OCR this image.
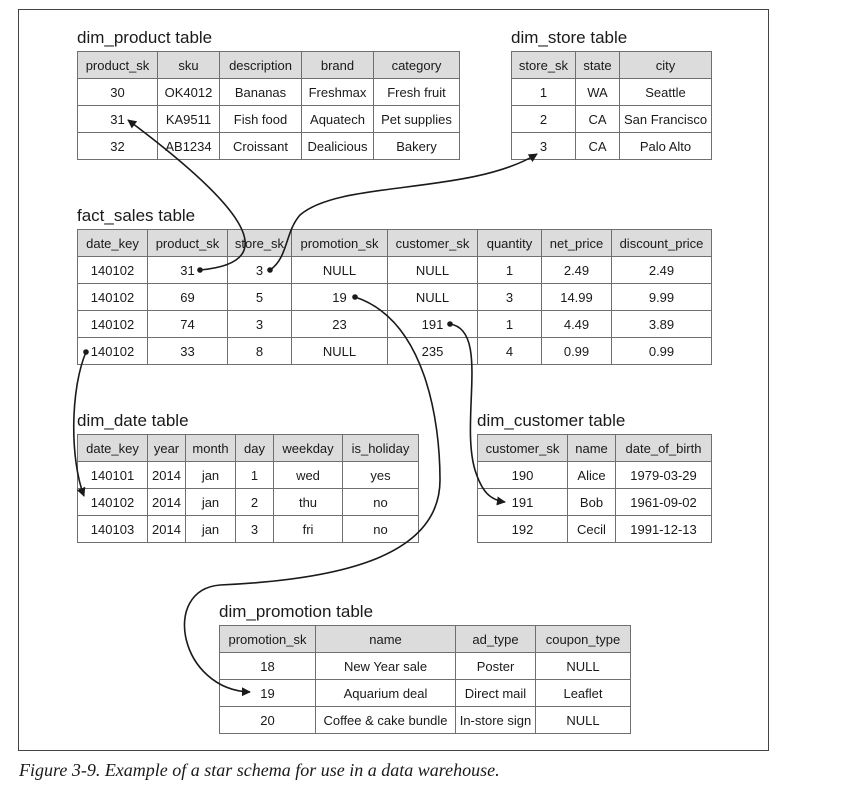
dim_product table
product_sk	sku	description	brand	category
30	OK4012	Bananas	Freshmax	Fresh fruit
31	KA9511	Fish food	Aquatech	Pet supplies
32	AB1234	Croissant	Dealicious	Bakery
dim_store table
store_sk	state	city
1	WA	Seattle
2	CA	San Francisco
3	CA	Palo Alto
fact_sales table
date_key	product_sk	store_sk	promotion_sk	customer_sk	quantity	net_price	discount_price
140102	31	3	NULL	NULL	1	2.49	2.49
140102	69	5	19	NULL	3	14.99	9.99
140102	74	3	23	191	1	4.49	3.89
140102	33	8	NULL	235	4	0.99	0.99
dim_date table
date_key	year	month	day	weekday	is_holiday
140101	2014	jan	1	wed	yes
140102	2014	jan	2	thu	no
140103	2014	jan	3	fri	no
dim_customer table
customer_sk	name	date_of_birth
190	Alice	1979-03-29
191	Bob	1961-09-02
192	Cecil	1991-12-13
dim_promotion table
promotion_sk	name	ad_type	coupon_type
18	New Year sale	Poster	NULL
19	Aquarium deal	Direct mail	Leaflet
20	Coffee & cake bundle	In-store sign	NULL
Figure 3-9. Example of a star schema for use in a data warehouse.
